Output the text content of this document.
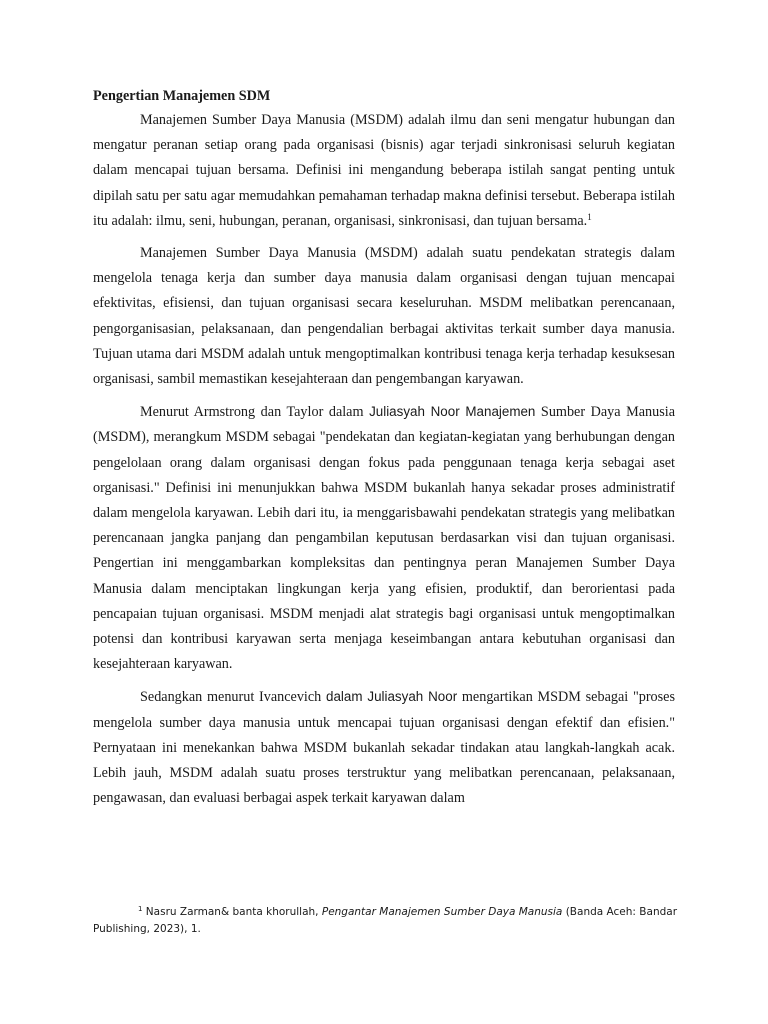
Pengertian Manajemen SDM

Manajemen Sumber Daya Manusia (MSDM) adalah ilmu dan seni mengatur hubungan dan mengatur peranan setiap orang pada organisasi (bisnis) agar terjadi sinkronisasi seluruh kegiatan dalam mencapai tujuan bersama. Definisi ini mengandung beberapa istilah sangat penting untuk dipilah satu per satu agar memudahkan pemahaman terhadap makna definisi tersebut. Beberapa istilah itu adalah: ilmu, seni, hubungan, peranan, organisasi, sinkronisasi, dan tujuan bersama.$^1$

Manajemen Sumber Daya Manusia (MSDM) adalah suatu pendekatan strategis dalam mengelola tenaga kerja dan sumber daya manusia dalam organisasi dengan tujuan mencapai efektivitas, efisiensi, dan tujuan organisasi secara keseluruhan. MSDM melibatkan perencanaan, pengorganisasian, pelaksanaan, dan pengendalian berbagai aktivitas terkait sumber daya manusia. Tujuan utama dari MSDM adalah untuk mengoptimalkan kontribusi tenaga kerja terhadap kesuksesan organisasi, sambil memastikan kesejahteraan dan pengembangan karyawan.

Menurut Armstrong dan Taylor dalam Juliasyah Noor Manajemen Sumber Daya Manusia (MSDM), merangkum MSDM sebagai "pendekatan dan kegiatan-kegiatan yang berhubungan dengan pengelolaan orang dalam organisasi dengan fokus pada penggunaan tenaga kerja sebagai aset organisasi." Definisi ini menunjukkan bahwa MSDM bukanlah hanya sekadar proses administratif dalam mengelola karyawan. Lebih dari itu, ia menggarisbawahi pendekatan strategis yang melibatkan perencanaan jangka panjang dan pengambilan keputusan berdasarkan visi dan tujuan organisasi. Pengertian ini menggambarkan kompleksitas dan pentingnya peran Manajemen Sumber Daya Manusia dalam menciptakan lingkungan kerja yang efisien, produktif, dan berorientasi pada pencapaian tujuan organisasi. MSDM menjadi alat strategis bagi organisasi untuk mengoptimalkan potensi dan kontribusi karyawan serta menjaga keseimbangan antara kebutuhan organisasi dan kesejahteraan karyawan.

Sedangkan menurut Ivancevich dalam Juliasyah Noor mengartikan MSDM sebagai "proses mengelola sumber daya manusia untuk mencapai tujuan organisasi dengan efektif dan efisien." Pernyataan ini menekankan bahwa MSDM bukanlah sekadar tindakan atau langkah-langkah acak. Lebih jauh, MSDM adalah suatu proses terstruktur yang melibatkan perencanaan, pelaksanaan, pengawasan, dan evaluasi berbagai aspek terkait karyawan dalam

$^1$ Nasru Zarman& banta khorullah, Pengantar Manajemen Sumber Daya Manusia (Banda Aceh: Bandar Publishing, 2023), 1.
